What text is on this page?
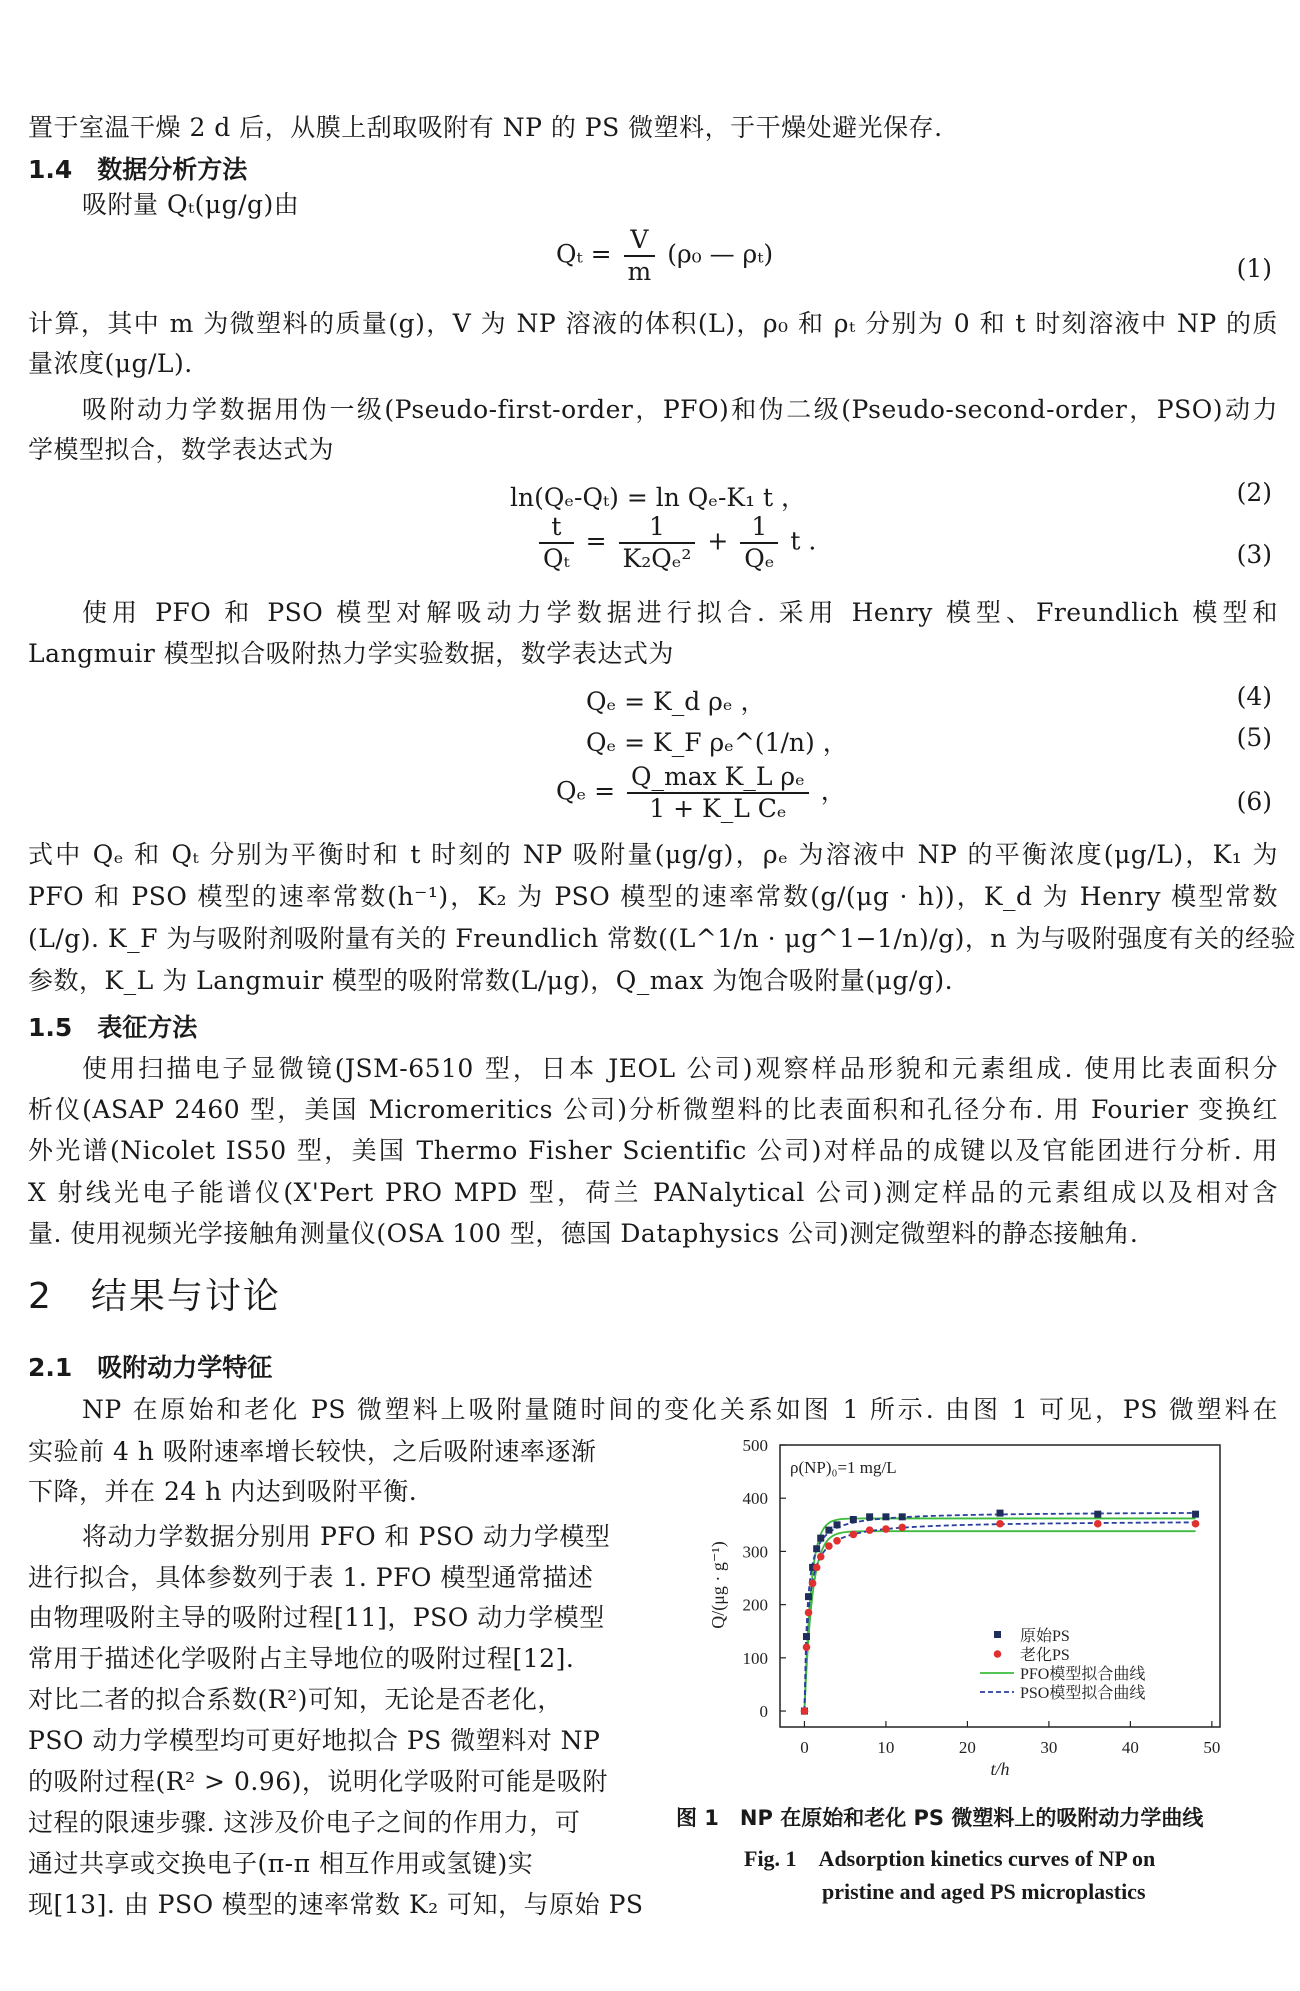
置于室温干燥 2 d 后，从膜上刮取吸附有 NP 的 PS 微塑料，于干燥处避光保存.
1.4　数据分析方法
吸附量 Qₜ(μg/g)由
$Q_t = \frac{V}{m} (\rho_0$ — ρₜ)	(1)
计算，其中 m 为微塑料的质量(g)，V 为 NP 溶液的体积(L)，ρ₀ 和 ρₜ 分别为 0 和 t 时刻溶液中 NP 的质
量浓度(μg/L).
吸附动力学数据用伪一级(Pseudo-first-order，PFO)和伪二级(Pseudo-second-order，PSO)动力
学模型拟合，数学表达式为
ln(Qₑ-Qₜ) = ln Qₑ-K₁ t ，	(2)
$\frac{t}{\text{Qₜ}} = \frac{1}{\text{K₂Qₑ²}} + \frac{1}{\text{Qₑ}}$ t .	(3)
使用 PFO 和 PSO 模型对解吸动力学数据进行拟合. 采用 Henry 模型、Freundlich 模型和
Langmuir 模型拟合吸附热力学实验数据，数学表达式为
Qₑ = K_d ρₑ ，	(4)
Qₑ = K_F ρₑ^(1/n) ，	(5)
$Q_e = \frac{\text{Q\_max K\_L ρₑ}}{\text{1 + K\_L Cₑ}}$ ，	(6)
式中 Qₑ 和 Qₜ 分别为平衡时和 t 时刻的 NP 吸附量(μg/g)，ρₑ 为溶液中 NP 的平衡浓度(μg/L)，K₁ 为
PFO 和 PSO 模型的速率常数(h⁻¹)，K₂ 为 PSO 模型的速率常数(g/(μg · h))，K_d 为 Henry 模型常数
(L/g). K_F 为与吸附剂吸附量有关的 Freundlich 常数((L^1/n · μg^1−1/n)/g)，n 为与吸附强度有关的经验
参数，K_L 为 Langmuir 模型的吸附常数(L/μg)，Q_max 为饱合吸附量(μg/g).
1.5　表征方法
使用扫描电子显微镜(JSM-6510 型，日本 JEOL 公司)观察样品形貌和元素组成. 使用比表面积分
析仪(ASAP 2460 型，美国 Micromeritics 公司)分析微塑料的比表面积和孔径分布. 用 Fourier 变换红
外光谱(Nicolet IS50 型，美国 Thermo Fisher Scientific 公司)对样品的成键以及官能团进行分析. 用
X 射线光电子能谱仪(X'Pert PRO MPD 型，荷兰 PANalytical 公司)测定样品的元素组成以及相对含
量. 使用视频光学接触角测量仪(OSA 100 型，德国 Dataphysics 公司)测定微塑料的静态接触角.
2　结果与讨论
2.1　吸附动力学特征
NP 在原始和老化 PS 微塑料上吸附量随时间的变化关系如图 1 所示. 由图 1 可见，PS 微塑料在
实验前 4 h 吸附速率增长较快，之后吸附速率逐渐
下降，并在 24 h 内达到吸附平衡.
将动力学数据分别用 PFO 和 PSO 动力学模型
进行拟合，具体参数列于表 1. PFO 模型通常描述
由物理吸附主导的吸附过程[11]，PSO 动力学模型
常用于描述化学吸附占主导地位的吸附过程[12].
对比二者的拟合系数(R²)可知，无论是否老化，
PSO 动力学模型均可更好地拟合 PS 微塑料对 NP
的吸附过程(R² > 0.96)，说明化学吸附可能是吸附
过程的限速步骤. 这涉及价电子之间的作用力，可
通过共享或交换电子(π-π 相互作用或氢键)实
现[13]. 由 PSO 模型的速率常数 K₂ 可知，与原始 PS
0	10	20	30	40	50
0
100
200
300
400
500
ρ(NP)₀=1 mg/L
t/h
Q/(μg · g⁻¹)
原始PS
老化PS
PFO模型拟合曲线
PSO模型拟合曲线
图 1　NP 在原始和老化 PS 微塑料上的吸附动力学曲线
Fig. 1　Adsorption kinetics curves of NP on
pristine and aged PS microplastics
